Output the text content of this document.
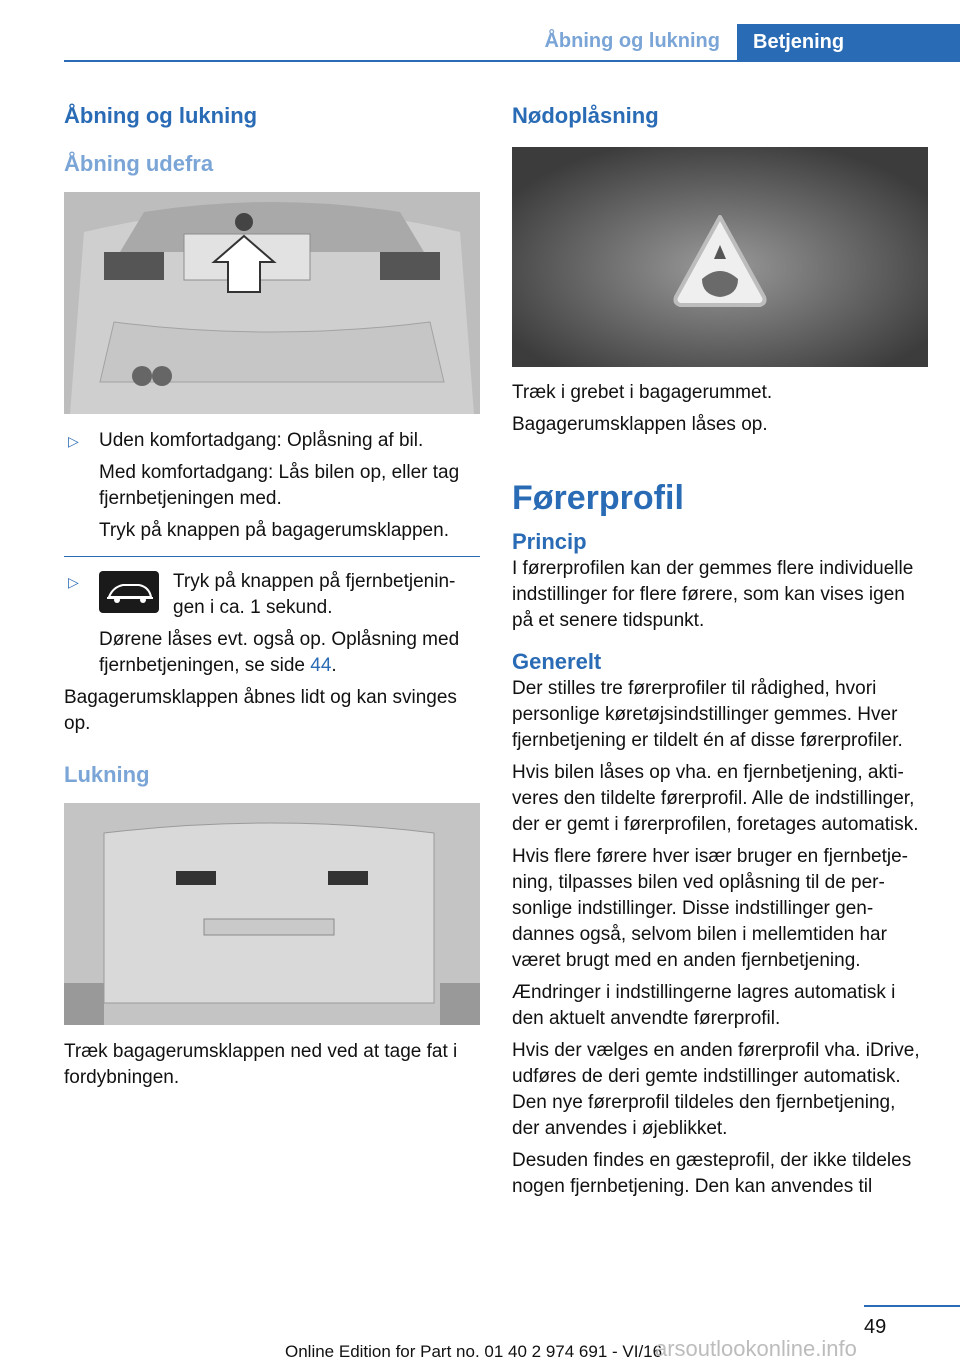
Åbning og lukning	Betjening
Åbning og lukning
Åbning udefra
▷ Uden komfortadgang: Oplåsning af bil.

Med komfortadgang: Lås bilen op, eller tag fjernbetjeningen med.

Tryk på knappen på bagagerumsklappen.

▷	Tryk på knappen på fjernbetjeningen i ca. 1 sekund.

Dørene låses evt. også op. Oplåsning med fjernbetjeningen, se side 44.

Bagagerumsklappen åbnes lidt og kan svinges op.

Lukning

Træk bagagerumsklappen ned ved at tage fat i fordybningen.

Nødoplåsning

Træk i grebet i bagagerummet.

Bagagerumsklappen låses op.

Førerprofil
Princip

I førerprofilen kan der gemmes flere individuelle indstillinger for flere førere, som kan vises igen på et senere tidspunkt.

Generelt

Der stilles tre førerprofiler til rådighed, hvori personlige køretøjsindstillinger gemmes. Hver fjernbetjening er tildelt én af disse førerprofiler.

Hvis bilen låses op vha. en fjernbetjening, aktiveres den tildelte førerprofil. Alle de indstillinger, der er gemt i førerprofilen, foretages automatisk.

Hvis flere førere hver især bruger en fjernbetjening, tilpasses bilen ved oplåsning til de personlige indstillinger. Disse indstillinger gendannes også, selvom bilen i mellemtiden har været brugt med en anden fjernbetjening.

Ændringer i indstillingerne lagres automatisk i den aktuelt anvendte førerprofil.

Hvis der vælges en anden førerprofil vha. iDrive, udføres de deri gemte indstillinger automatisk. Den nye førerprofil tildeles den fjernbetjening, der anvendes i øjeblikket.

Desuden findes en gæsteprofil, der ikke tildeles nogen fjernbetjening. Den kan anvendes til

49
Online Edition for Part no. 01 40 2 974 691 - VI/16
arsoutlookonline.info
